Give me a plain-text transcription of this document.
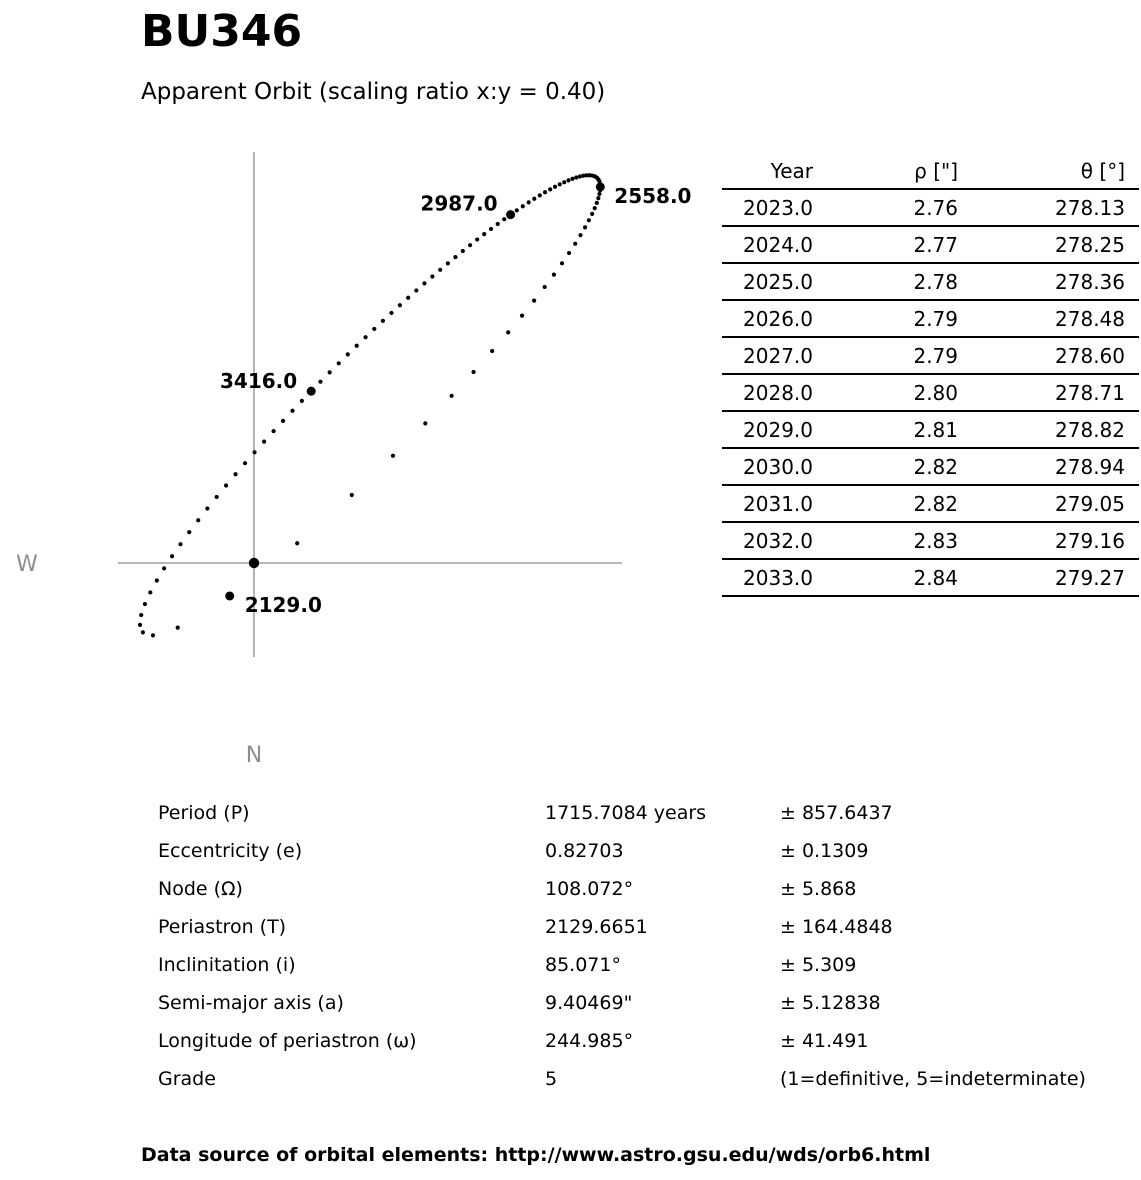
BU346
Apparent Orbit (scaling ratio x:y = 0.40)
W
N
2129.0
2558.0
2987.0
3416.0
Year	ρ ["]	θ [°]
2023.0	2.76	278.13
2024.0	2.77	278.25
2025.0	2.78	278.36
2026.0	2.79	278.48
2027.0	2.79	278.60
2028.0	2.80	278.71
2029.0	2.81	278.82
2030.0	2.82	278.94
2031.0	2.82	279.05
2032.0	2.83	279.16
2033.0	2.84	279.27
Period (P)	1715.7084 years	± 857.6437
Eccentricity (e)	0.82703	± 0.1309
Node (Ω)	108.072°	± 5.868
Periastron (T)	2129.6651	± 164.4848
Inclinitation (i)	85.071°	± 5.309
Semi-major axis (a)	9.40469"	± 5.12838
Longitude of periastron (ω)	244.985°	± 41.491
Grade	5	(1=definitive, 5=indeterminate)
Data source of orbital elements: http://www.astro.gsu.edu/wds/orb6.html
